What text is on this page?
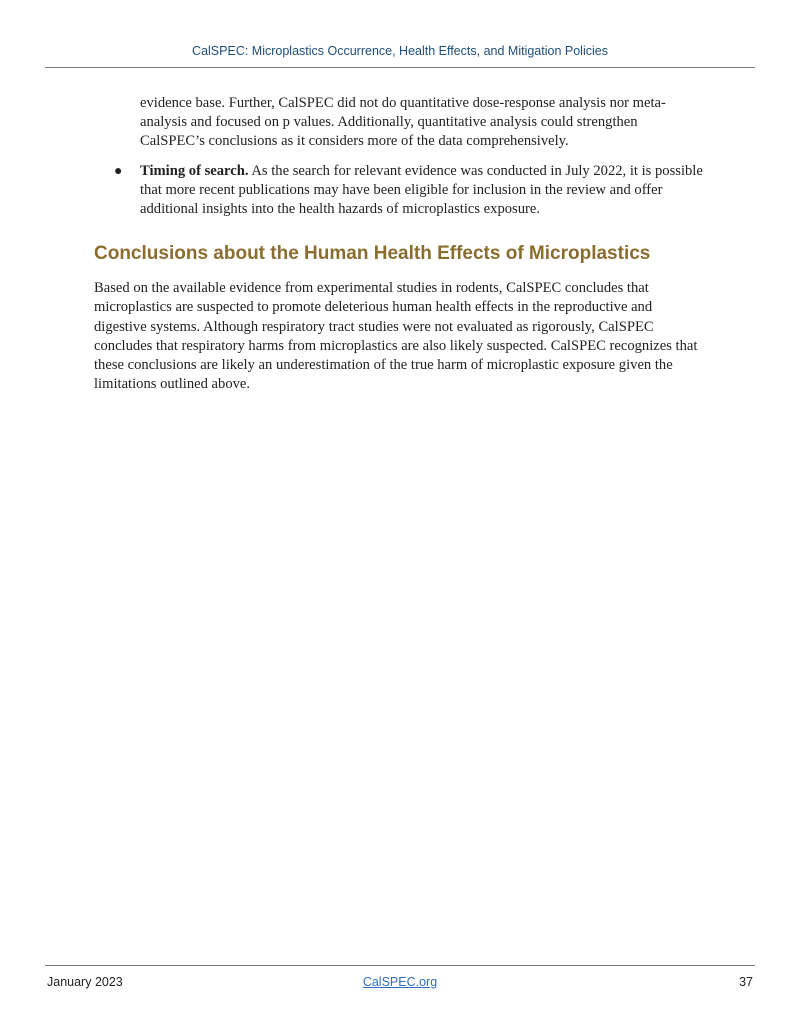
CalSPEC: Microplastics Occurrence, Health Effects, and Mitigation Policies

evidence base. Further, CalSPEC did not do quantitative dose-response analysis nor meta-analysis and focused on p values. Additionally, quantitative analysis could strengthen CalSPEC’s conclusions as it considers more of the data comprehensively.

● Timing of search. As the search for relevant evidence was conducted in July 2022, it is possible that more recent publications may have been eligible for inclusion in the review and offer additional insights into the health hazards of microplastics exposure.
Conclusions about the Human Health Effects of Microplastics

Based on the available evidence from experimental studies in rodents, CalSPEC concludes that microplastics are suspected to promote deleterious human health effects in the reproductive and digestive systems. Although respiratory tract studies were not evaluated as rigorously, CalSPEC concludes that respiratory harms from microplastics are also likely suspected. CalSPEC recognizes that these conclusions are likely an underestimation of the true harm of microplastic exposure given the limitations outlined above.

January 2023	CalSPEC.org	37
